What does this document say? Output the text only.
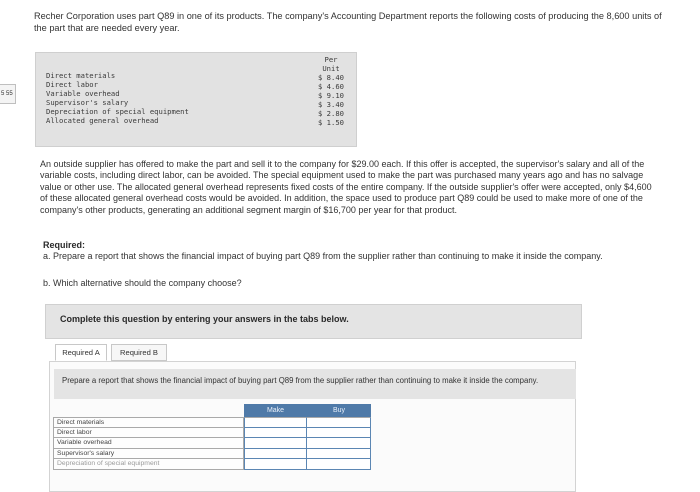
5 55
Recher Corporation uses part Q89 in one of its products. The company's Accounting Department reports the following costs of producing the 8,600 units of the part that are needed every year.
Per
Unit
Direct materials
Direct labor
Variable overhead
Supervisor's salary
Depreciation of special equipment
Allocated general overhead
$ 8.40
$ 4.60
$ 9.10
$ 3.40
$ 2.80
$ 1.50
An outside supplier has offered to make the part and sell it to the company for $29.00 each. If this offer is accepted, the supervisor's salary and all of the variable costs, including direct labor, can be avoided. The special equipment used to make the part was purchased many years ago and has no salvage value or other use. The allocated general overhead represents fixed costs of the entire company. If the outside supplier's offer were accepted, only $4,600 of these allocated general overhead costs would be avoided. In addition, the space used to produce part Q89 could be used to make more of one of the company's other products, generating an additional segment margin of $16,700 per year for that product.
Required:
a. Prepare a report that shows the financial impact of buying part Q89 from the supplier rather than continuing to make it inside the company.
b. Which alternative should the company choose?
Complete this question by entering your answers in the tabs below.
Required A	Required B
Prepare a report that shows the financial impact of buying part Q89 from the supplier rather than continuing to make it inside the company.
Make	Buy
Direct materials
Direct labor
Variable overhead
Supervisor's salary
Depreciation of special equipment
